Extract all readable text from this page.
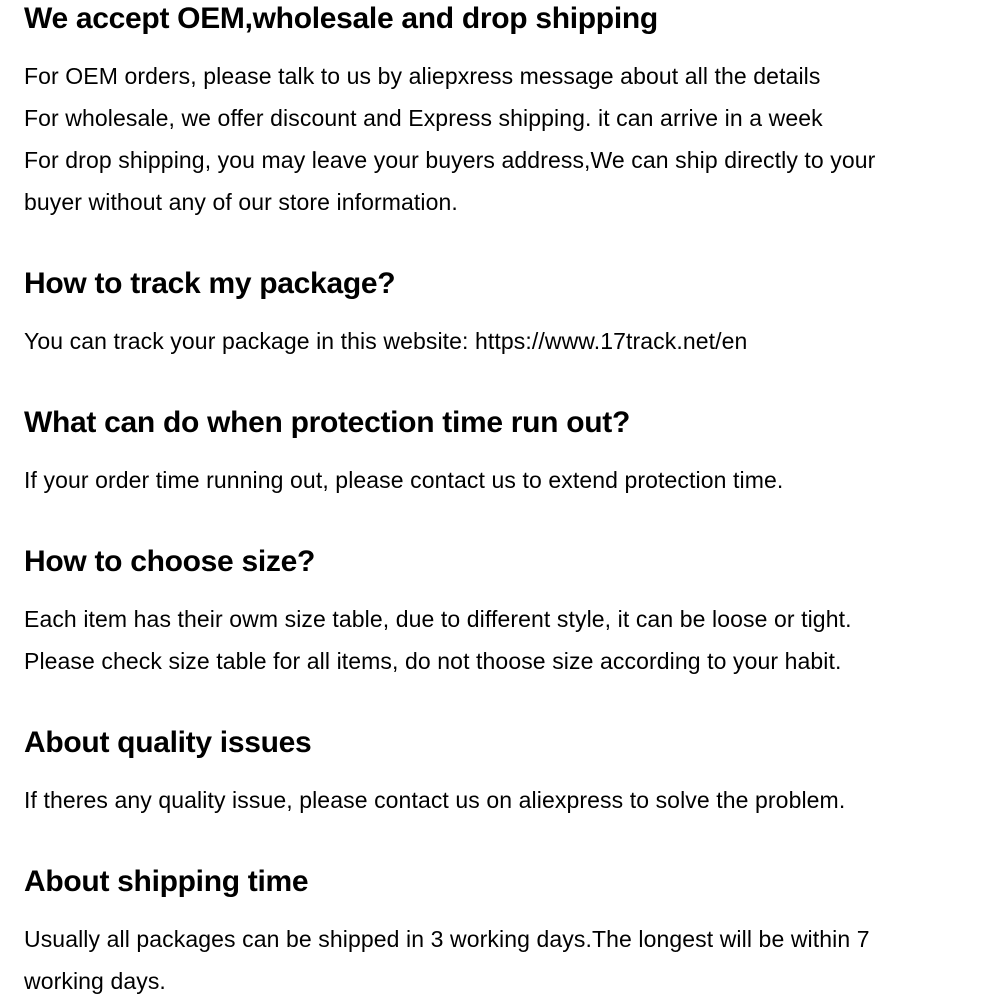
We accept OEM,wholesale and drop shipping

For OEM orders, please talk to us by aliepxress message about all the details

For wholesale, we offer discount and Express shipping. it can arrive in a week

For drop shipping, you may leave your buyers address,We can ship directly to your

buyer without any of our store information.

How to track my package?

You can track your package in this website: https://www.17track.net/en

What can do when protection time run out?

If your order time running out, please contact us to extend protection time.

How to choose size?

Each item has their owm size table, due to different style, it can be loose or tight.

Please check size table for all items, do not thoose size according to your habit.

About quality issues

If theres any quality issue, please contact us on aliexpress to solve the problem.

About shipping time

Usually all packages can be shipped in 3 working days.The longest will be within 7

working days.
